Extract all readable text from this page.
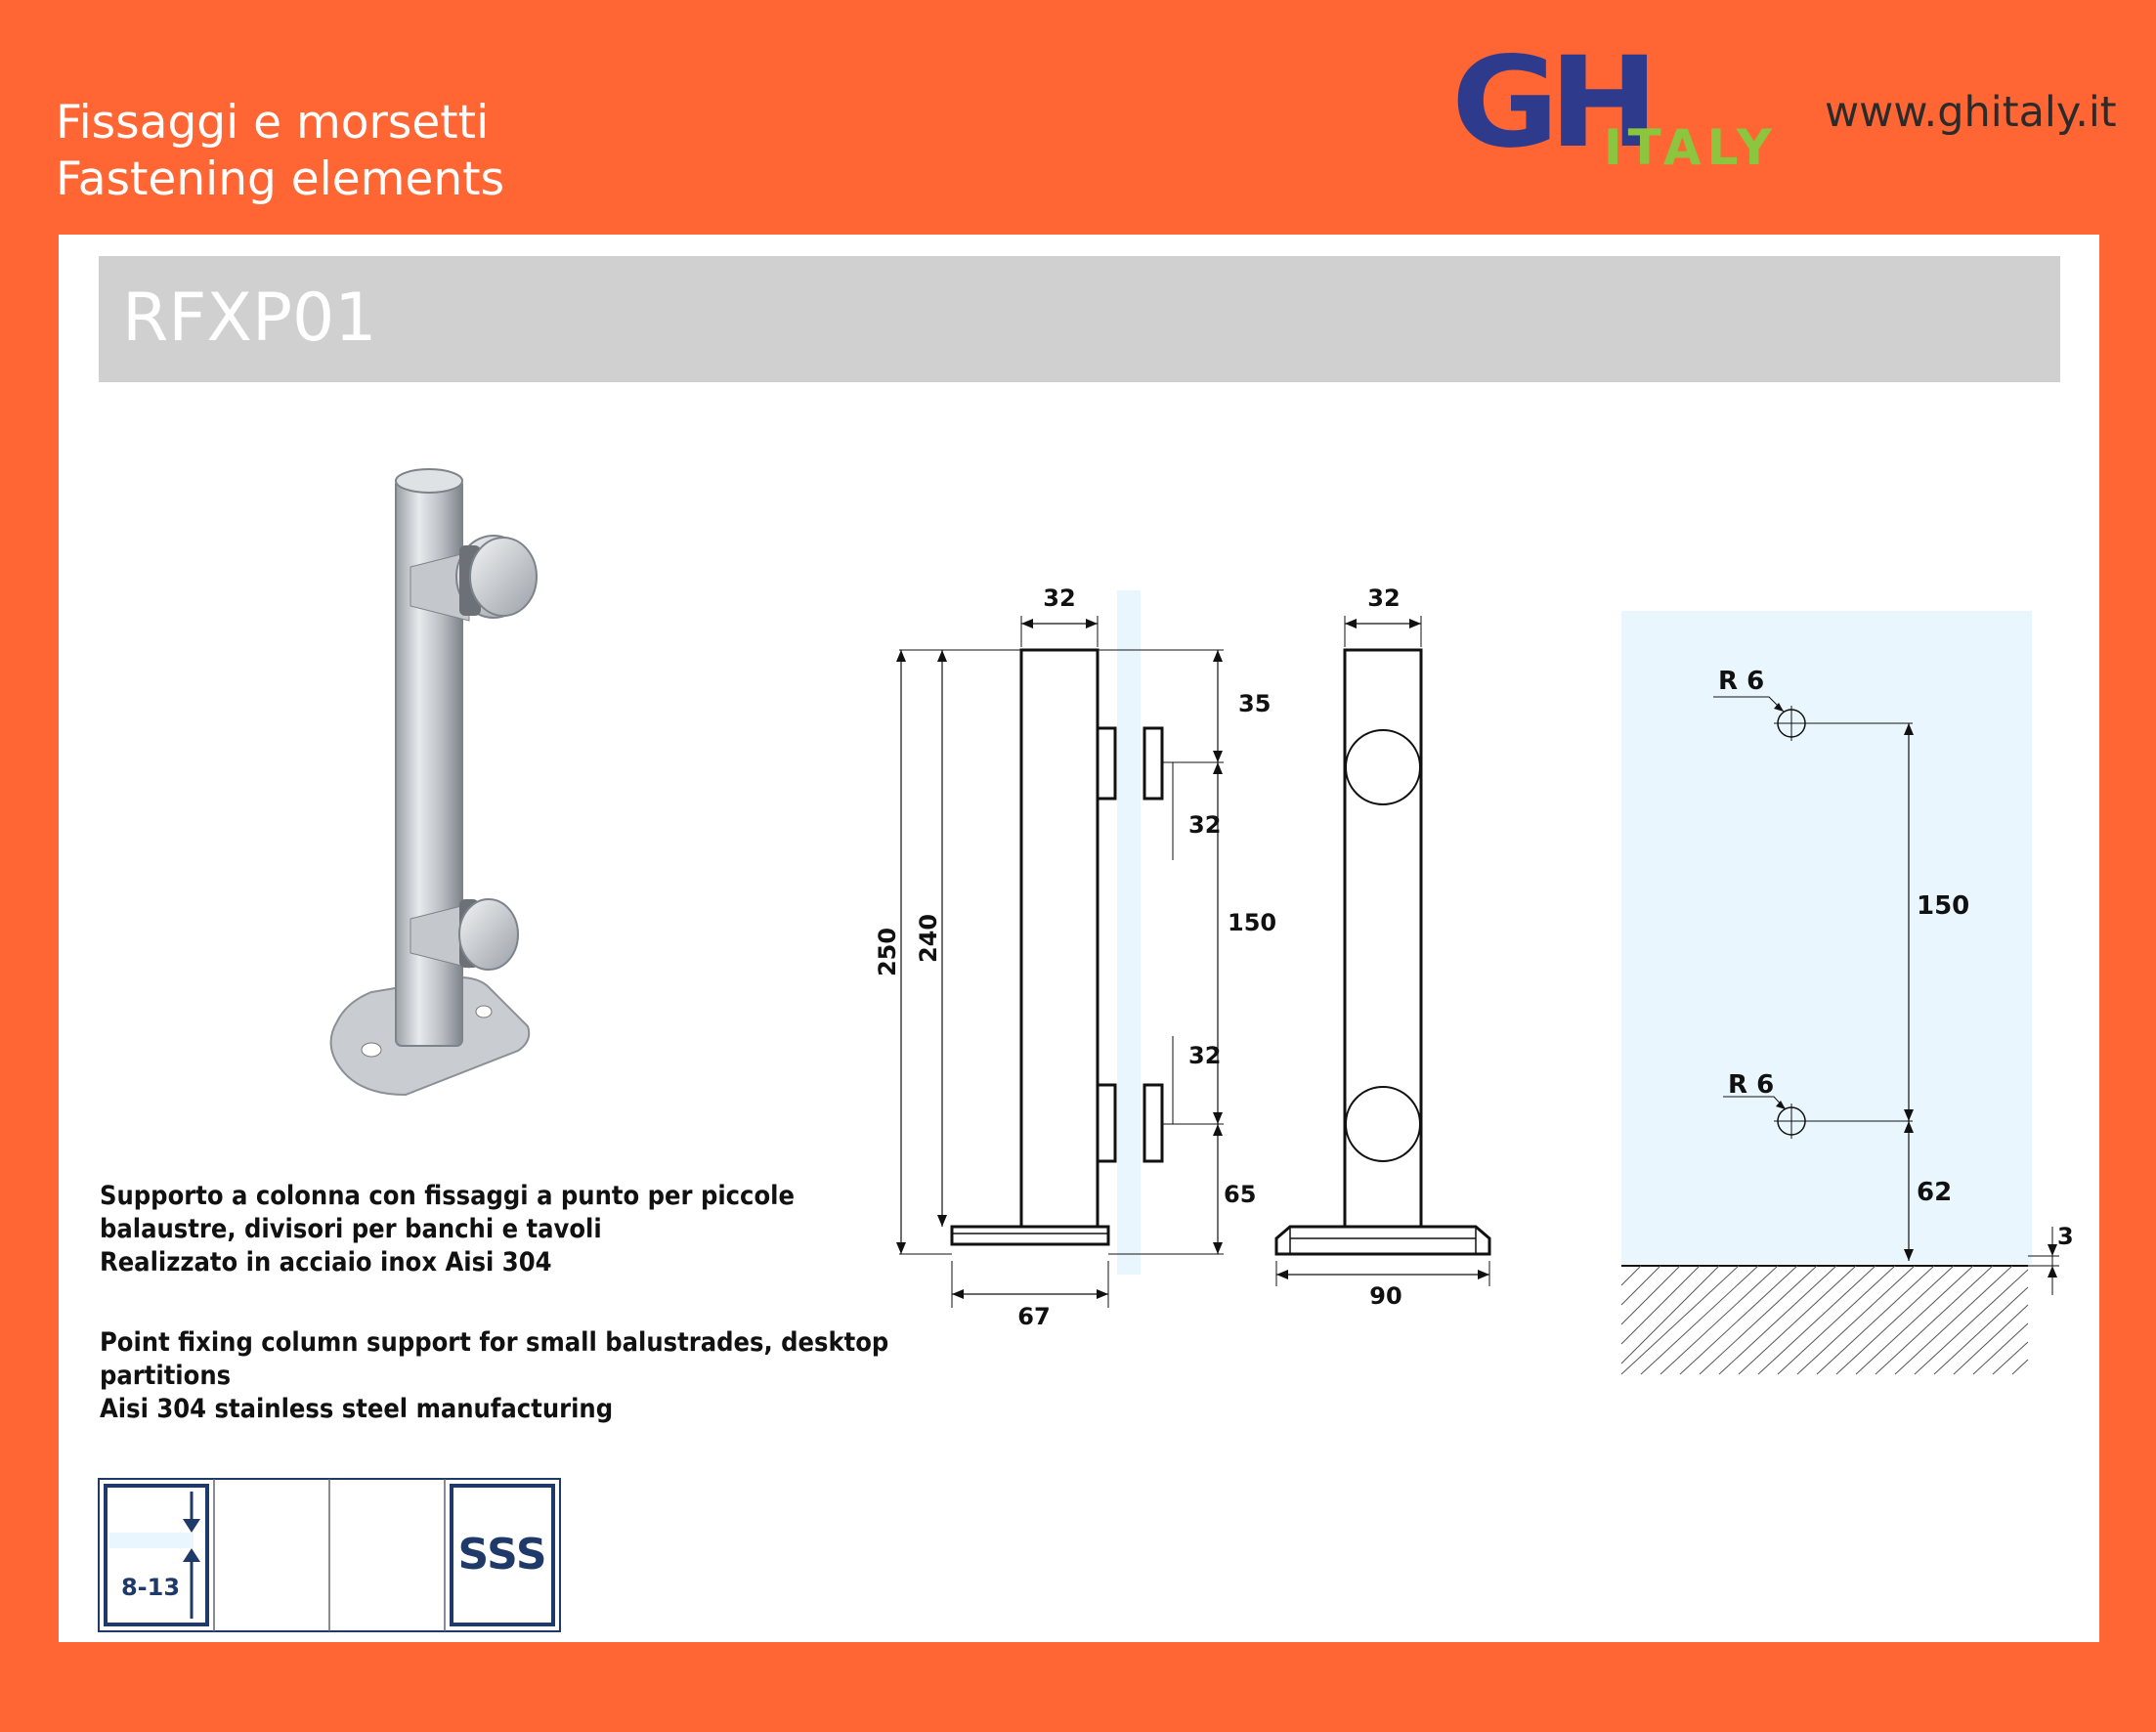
Fissaggi e morsetti
Fastening elements
GH
ITALY
www.ghitaly.it
RFXP01
Supporto a colonna con fissaggi a punto per piccole
balaustre, divisori per banchi e tavoli
Realizzato in acciaio inox Aisi 304
Point fixing column support for small balustrades, desktop
partitions
Aisi 304 stainless steel manufacturing
32
250 240
67
35
32
150
32
65
32
90
R 6
R 6
150
62
3
8-13
SSS
